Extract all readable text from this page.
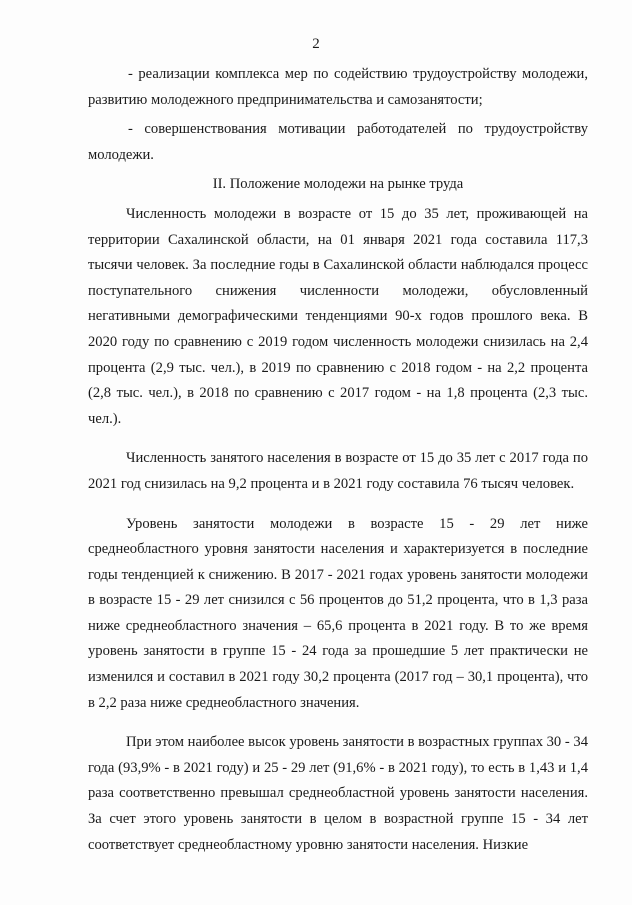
2

- реализации комплекса мер по содействию трудоустройству молодежи, развитию молодежного предпринимательства и самозанятости;

- совершенствования мотивации работодателей по трудоустройству молодежи.

II. Положение молодежи на рынке труда

Численность молодежи в возрасте от 15 до 35 лет, проживающей на территории Сахалинской области, на 01 января 2021 года составила 117,3 тысячи человек. За последние годы в Сахалинской области наблюдался процесс поступательного снижения численности молодежи, обусловленный негативными демографическими тенденциями 90-х годов прошлого века. В 2020 году по сравнению с 2019 годом численность молодежи снизилась на 2,4 процента (2,9 тыс. чел.), в 2019 по сравнению с 2018 годом - на 2,2 процента (2,8 тыс. чел.), в 2018 по сравнению с 2017 годом - на 1,8 процента (2,3 тыс. чел.).

Численность занятого населения в возрасте от 15 до 35 лет с 2017 года по 2021 год снизилась на 9,2 процента и в 2021 году составила 76 тысяч человек.

Уровень занятости молодежи в возрасте 15 - 29 лет ниже среднеобластного уровня занятости населения и характеризуется в последние годы тенденцией к снижению. В 2017 - 2021 годах уровень занятости молодежи в возрасте 15 - 29 лет снизился с 56 процентов до 51,2 процента, что в 1,3 раза ниже среднеобластного значения – 65,6 процента в 2021 году. В то же время уровень занятости в группе 15 - 24 года за прошедшие 5 лет практически не изменился и составил в 2021 году 30,2 процента (2017 год – 30,1 процента), что в 2,2 раза ниже среднеобластного значения.

При этом наиболее высок уровень занятости в возрастных группах 30 - 34 года (93,9% - в 2021 году) и 25 - 29 лет (91,6% - в 2021 году), то есть в 1,43 и 1,4 раза соответственно превышал среднеобластной уровень занятости населения. За счет этого уровень занятости в целом в возрастной группе 15 - 34 лет соответствует среднеобластному уровню занятости населения. Низкие
